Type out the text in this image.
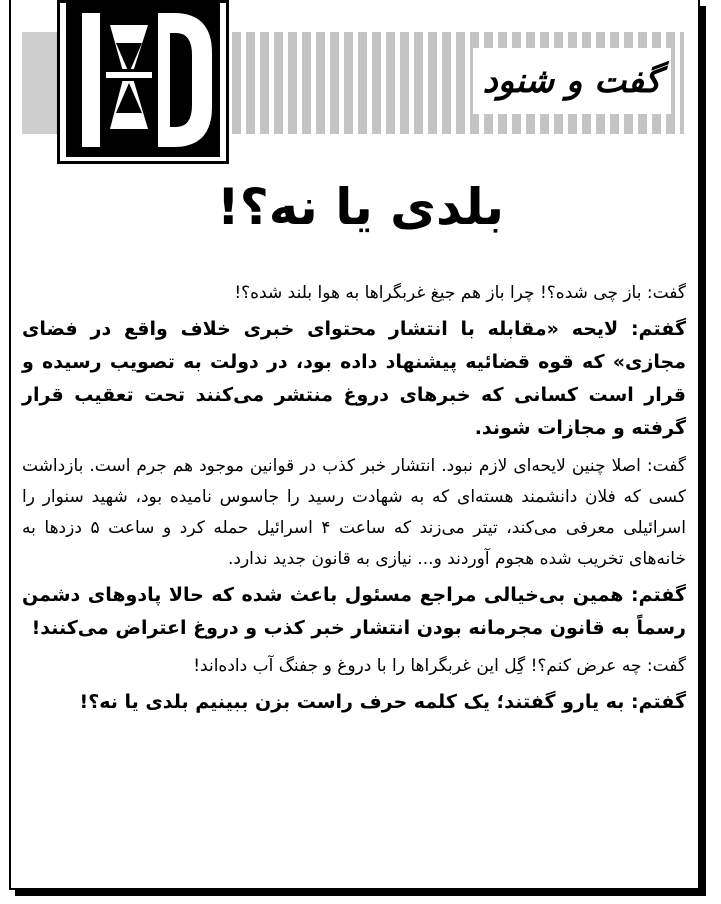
گفت و شنود
بلدی یا نه؟!

گفت: باز چی شده؟! چرا باز هم جیغ غربگراها به هوا بلند شده؟!

گفتم: لایحه «مقابله با انتشار محتوای خبری خلاف واقع در فضای مجازی» که قوه قضائیه پیشنهاد داده بود، در دولت به تصویب رسیده و قرار است کسانی که خبرهای دروغ منتشر می‌کنند تحت تعقیب قرار گرفته و مجازات شوند.

گفت: اصلا چنین لایحه‌ای لازم نبود. انتشار خبر کذب در قوانین موجود هم جرم است. بازداشت کسی که فلان دانشمند هسته‌ای که به شهادت رسید را جاسوس نامیده بود، شهید سنوار را اسرائیلی معرفی می‌کند، تیتر می‌زند که ساعت ۴ اسرائیل حمله کرد و ساعت ۵ دزدها به خانه‌های تخریب شده هجوم آوردند و... نیازی به قانون جدید ندارد.

گفتم: همین بی‌خیالی مراجع مسئول باعث شده که حالا پادوهای دشمن رسماً به قانون مجرمانه بودن انتشار خبر کذب و دروغ اعتراض می‌کنند!

گفت: چه عرض کنم؟! گِل این غربگراها را با دروغ و جفنگ آب داده‌اند!

گفتم: به یارو گفتند؛ یک کلمه حرف راست بزن ببینیم بلدی یا نه؟!
